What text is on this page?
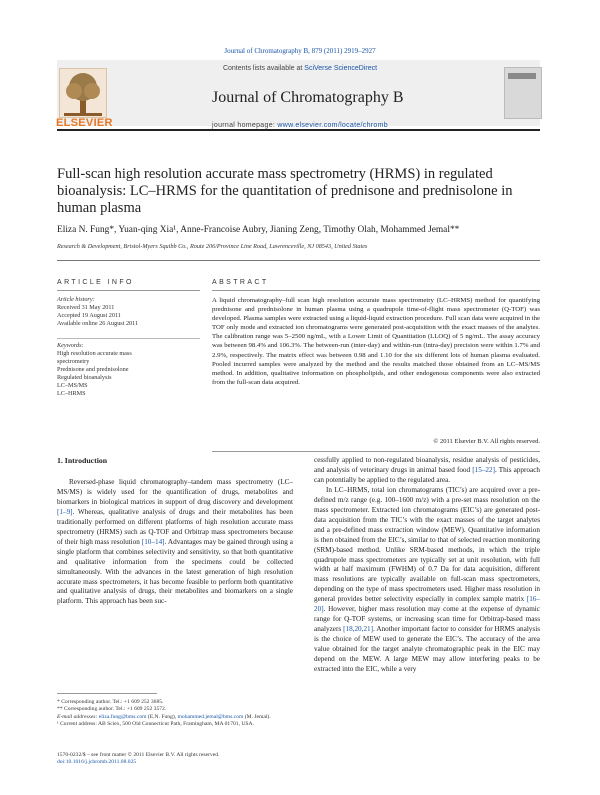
Journal of Chromatography B, 879 (2011) 2919–2927
Contents lists available at SciVerse ScienceDirect
Journal of Chromatography B
journal homepage: www.elsevier.com/locate/chromb
ELSEVIER
Full-scan high resolution accurate mass spectrometry (HRMS) in regulated bioanalysis: LC–HRMS for the quantitation of prednisone and prednisolone in human plasma
Eliza N. Fung*, Yuan-qing Xia¹, Anne-Francoise Aubry, Jianing Zeng, Timothy Olah, Mohammed Jemal**
Research & Development, Bristol-Myers Squibb Co., Route 206/Province Line Road, Lawrenceville, NJ 08543, United States
ARTICLE INFO	ABSTRACT
Article history:
Received 31 May 2011
Accepted 19 August 2011
Available online 26 August 2011
Keywords:
High resolution accurate mass
spectrometry
Prednisone and prednisolone
Regulated bioanalysis
LC–MS/MS
LC–HRMS
A liquid chromatography–full scan high resolution accurate mass spectrometry (LC–HRMS) method for quantifying prednisone and prednisolone in human plasma using a quadrupole time-of-flight mass spectrometer (Q-TOF) was developed. Plasma samples were extracted using a liquid-liquid extraction procedure. Full scan data were acquired in the TOF only mode and extracted ion chromatograms were generated post-acquisition with the exact masses of the analytes. The calibration range was 5–2500 ng/mL, with a Lower Limit of Quantitation (LLOQ) of 5 ng/mL. The assay accuracy was between 98.4% and 106.3%. The between-run (inter-day) and within-run (intra-day) precision were within 1.7% and 2.9%, respectively. The matrix effect was between 0.98 and 1.10 for the six different lots of human plasma evaluated. Pooled incurred samples were analyzed by the method and the results matched those obtained from an LC–MS/MS method. In addition, qualitative information on phospholipids, and other endogenous components were also extracted from the full-scan data acquired.
© 2011 Elsevier B.V. All rights reserved.
1. Introduction

Reversed-phase liquid chromatography–tandem mass spectrometry (LC–MS/MS) is widely used for the quantification of drugs, metabolites and biomarkers in biological matrices in support of drug discovery and development [1–9]. Whereas, qualitative analysis of drugs and their metabolites has been traditionally performed on different platforms of high resolution accurate mass spectrometry (HRMS) such as Q-TOF and Orbitrap mass spectrometers because of their high mass resolution [10–14]. Advantages may be gained through using a single platform that combines selectivity and sensitivity, so that both quantitative and qualitative information from the specimens could be collected simultaneously. With the advances in the latest generation of high resolution accurate mass spectrometers, it has become feasible to perform both quantitative and qualitative analysis of drugs, their metabolites and biomarkers on a single platform. This approach has been suc-

cessfully applied to non-regulated bioanalysis, residue analysis of pesticides, and analysis of veterinary drugs in animal based food [15–22]. This approach can potentially be applied to the regulated area.

In LC–HRMS, total ion chromatograms (TIC’s) are acquired over a pre-defined m/z range (e.g. 100–1600 m/z) with a pre-set mass resolution on the mass spectrometer. Extracted ion chromatograms (EIC’s) are generated post-data acquisition from the TIC’s with the exact masses of the target analytes and a pre-defined mass extraction window (MEW). Quantitative information is then obtained from the EIC’s, similar to that of selected reaction monitoring (SRM)-based method. Unlike SRM-based methods, in which the triple quadrupole mass spectrometers are typically set at unit resolution, with full width at half maximum (FWHM) of 0.7 Da for data acquisition, different mass resolutions are typically available on full-scan mass spectrometers, depending on the type of mass spectrometers used. Higher mass resolution in general provides better selectivity especially in complex sample matrix [16–20]. However, higher mass resolution may come at the expense of dynamic range for Q-TOF systems, or increasing scan time for Orbitrap-based mass analyzers [18,20,21]. Another important factor to consider for HRMS analysis is the choice of MEW used to generate the EIC’s. The accuracy of the area value obtained for the target analyte chromatographic peak in the EIC may depend on the MEW. A large MEW may allow interfering peaks to be extracted into the EIC, while a very

* Corresponding author. Tel.: +1 609 252 3685.
** Corresponding author. Tel.: +1 609 252 3572.
E-mail addresses: eliza.fung@bms.com (E.N. Fung), mohammed.jemal@bms.com (M. Jemal).
¹ Current address: AB Sciex, 500 Old Connecticut Path, Framingham, MA 01701, USA.
1570-0232/$ – see front matter © 2011 Elsevier B.V. All rights reserved.
doi:10.1016/j.jchromb.2011.08.025
